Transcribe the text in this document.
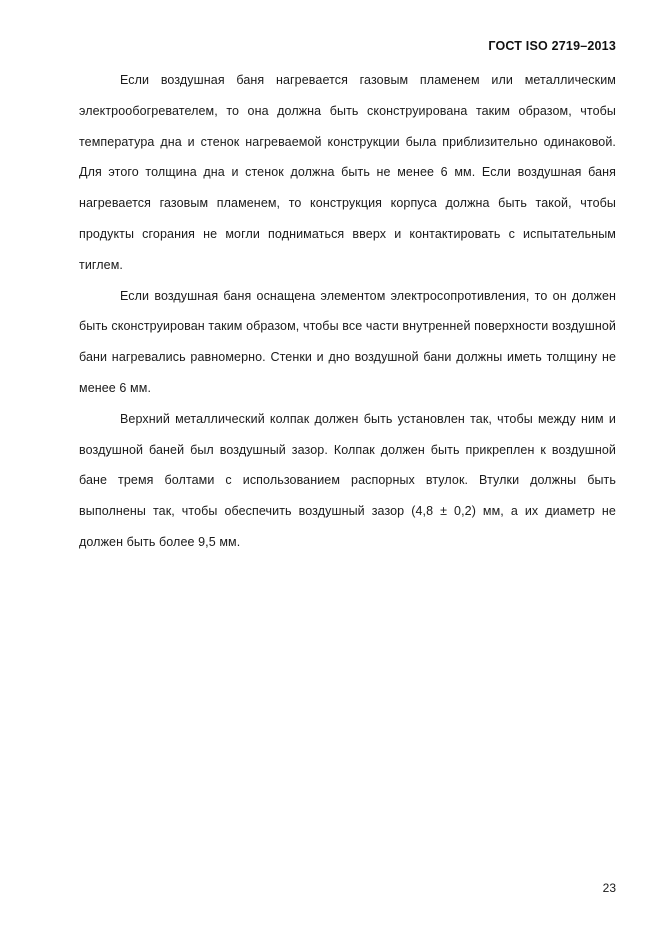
ГОСТ ISO 2719–2013

Если воздушная баня нагревается газовым пламенем или металлическим электрообогревателем, то она должна быть сконструирована таким образом, чтобы температура дна и стенок нагреваемой конструкции была приблизительно одинаковой. Для этого толщина дна и стенок должна быть не менее 6 мм. Если воздушная баня нагревается газовым пламенем, то конструкция корпуса должна быть такой, чтобы продукты сгорания не могли подниматься вверх и контактировать с испытательным тиглем.

Если воздушная баня оснащена элементом электросопротивления, то он должен быть сконструирован таким образом, чтобы все части внутренней поверхности воздушной бани нагревались равномерно. Стенки и дно воздушной бани должны иметь толщину не менее 6 мм.

Верхний металлический колпак должен быть установлен так, чтобы между ним и воздушной баней был воздушный зазор. Колпак должен быть прикреплен к воздушной бане тремя болтами с использованием распорных втулок. Втулки должны быть выполнены так, чтобы обеспечить воздушный зазор (4,8 ± 0,2) мм, а их диаметр не должен быть более 9,5 мм.

23
